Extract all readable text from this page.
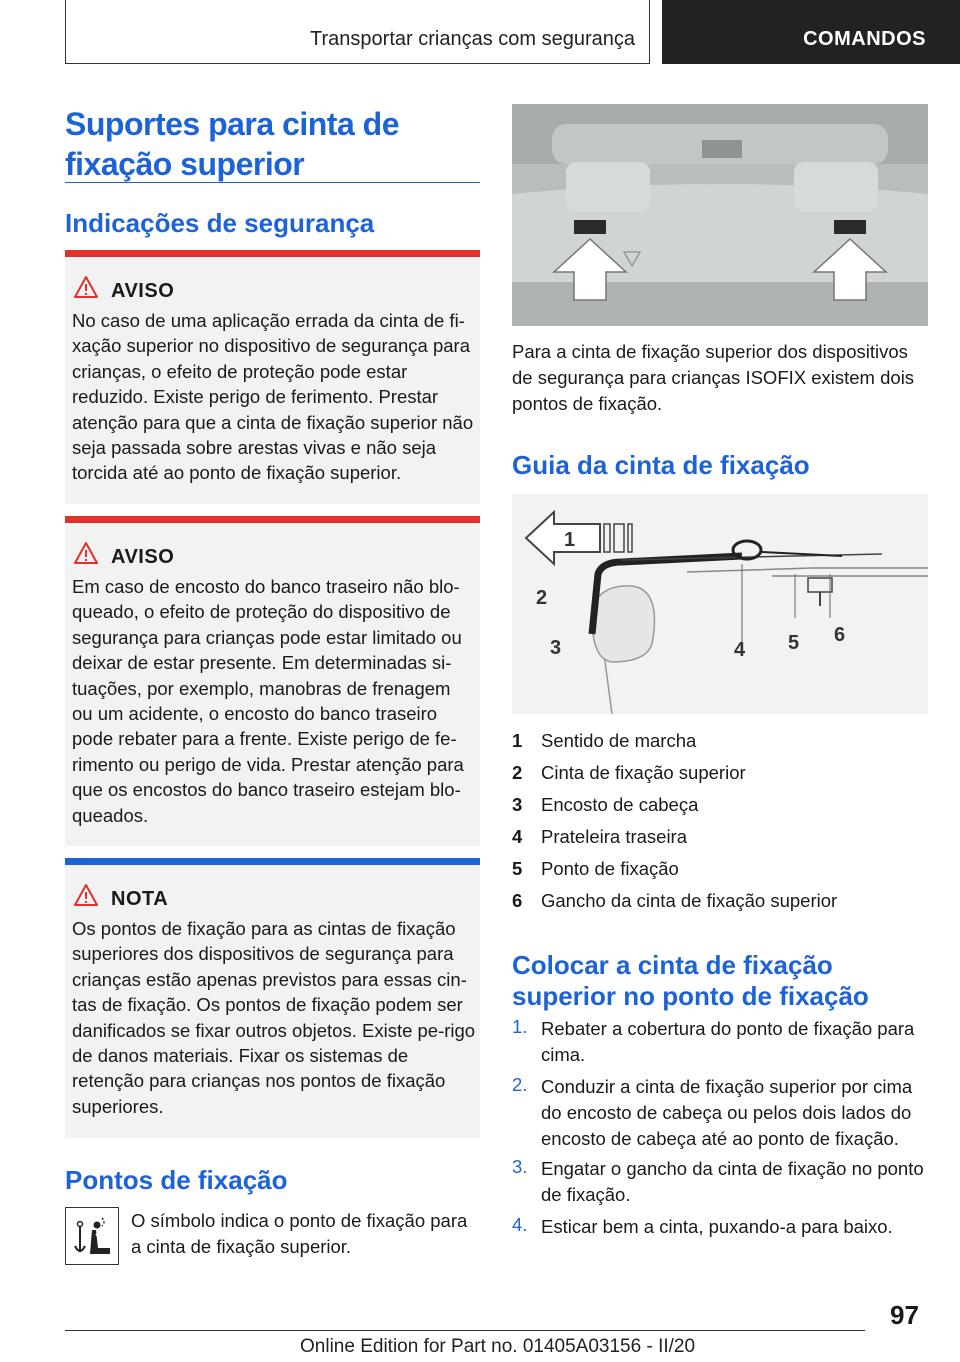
Transportar crianças com segurança	COMANDOS
Suportes para cinta de fixação superior
Indicações de segurança
AVISO
No caso de uma aplicação errada da cinta de fi-xação superior no dispositivo de segurança para crianças, o efeito de proteção pode estar reduzido. Existe perigo de ferimento. Prestar atenção para que a cinta de fixação superior não seja passada sobre arestas vivas e não seja torcida até ao ponto de fixação superior.
AVISO
Em caso de encosto do banco traseiro não blo-queado, o efeito de proteção do dispositivo de segurança para crianças pode estar limitado ou deixar de estar presente. Em determinadas si-tuações, por exemplo, manobras de frenagem ou um acidente, o encosto do banco traseiro pode rebater para a frente. Existe perigo de fe-rimento ou perigo de vida. Prestar atenção para que os encostos do banco traseiro estejam blo-queados.
NOTA
Os pontos de fixação para as cintas de fixação superiores dos dispositivos de segurança para crianças estão apenas previstos para essas cin-tas de fixação. Os pontos de fixação podem ser danificados se fixar outros objetos. Existe pe-rigo de danos materiais. Fixar os sistemas de retenção para crianças nos pontos de fixação superiores.
Pontos de fixação
O símbolo indica o ponto de fixação para a cinta de fixação superior.
Para a cinta de fixação superior dos dispositivos de segurança para crianças ISOFIX existem dois pontos de fixação.
Guia da cinta de fixação
2
3
1
4 5 6
1	Sentido de marcha
2	Cinta de fixação superior
3	Encosto de cabeça
4	Prateleira traseira
5	Ponto de fixação
6	Gancho da cinta de fixação superior
Colocar a cinta de fixação superior no ponto de fixação
1. Rebater a cobertura do ponto de fixação para cima.
2. Conduzir a cinta de fixação superior por cima do encosto de cabeça ou pelos dois lados do encosto de cabeça até ao ponto de fixação.
3. Engatar o gancho da cinta de fixação no ponto de fixação.
4. Esticar bem a cinta, puxando-a para baixo.
97
Online Edition for Part no. 01405A03156 - II/20
